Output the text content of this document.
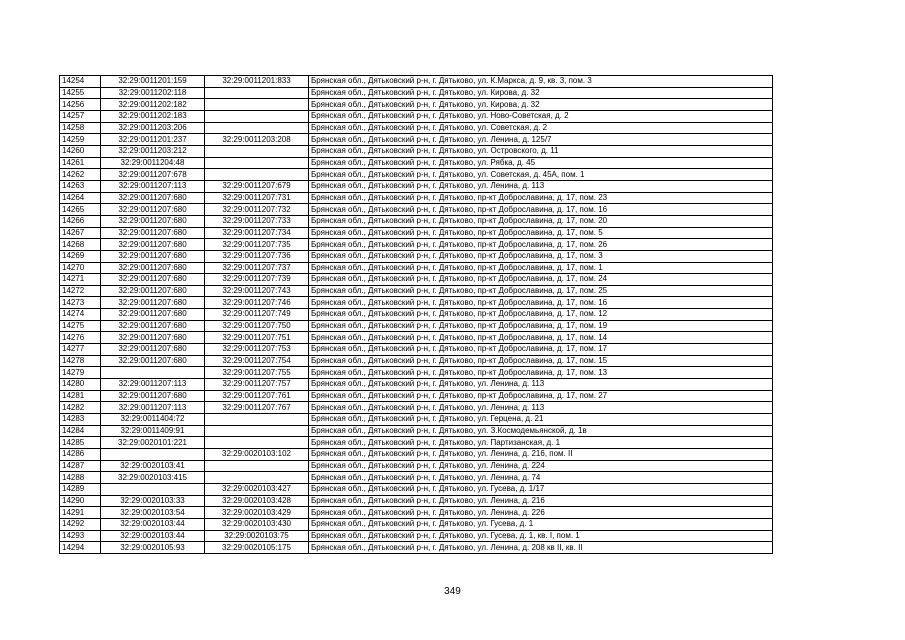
14254	32:29:0011201:159	32:29:0011201:833	Брянская обл., Дятьковский р-н, г. Дятьково, ул. К.Маркса, д. 9, кв. 3, пом. 3
14255	32:29:0011202:118		Брянская обл., Дятьковский р-н, г. Дятьково, ул. Кирова, д. 32
14256	32:29:0011202:182		Брянская обл., Дятьковский р-н, г. Дятьково, ул. Кирова, д. 32
14257	32:29:0011202:183		Брянская обл., Дятьковский р-н, г. Дятьково, ул. Ново-Советская, д. 2
14258	32:29:0011203:206		Брянская обл., Дятьковский р-н, г. Дятьково, ул. Советская, д. 2
14259	32:29:0011201:237	32:29:0011203:208	Брянская обл., Дятьковский р-н, г. Дятьково, ул. Ленина, д. 125/7
14260	32:29:0011203:212		Брянская обл., Дятьковский р-н, г. Дятьково, ул. Островского, д. 11
14261	32:29:0011204:48		Брянская обл., Дятьковский р-н, г. Дятьково, ул. Рябка, д. 45
14262	32:29:0011207:678		Брянская обл., Дятьковский р-н, г. Дятьково, ул. Советская, д. 45А, пом. 1
14263	32:29:0011207:113	32:29:0011207:679	Брянская обл., Дятьковский р-н, г. Дятьково, ул. Ленина, д. 113
14264	32:29:0011207:680	32:29:0011207:731	Брянская обл., Дятьковский р-н, г. Дятьково, пр-кт Доброславина, д. 17, пом. 23
14265	32:29:0011207:680	32:29:0011207:732	Брянская обл., Дятьковский р-н, г. Дятьково, пр-кт Доброславина, д. 17, пом. 16
14266	32:29:0011207:680	32:29:0011207:733	Брянская обл., Дятьковский р-н, г. Дятьково, пр-кт Доброславина, д. 17, пом. 20
14267	32:29:0011207:680	32:29:0011207:734	Брянская обл., Дятьковский р-н, г. Дятьково, пр-кт Доброславина, д. 17, пом. 5
14268	32:29:0011207:680	32:29:0011207:735	Брянская обл., Дятьковский р-н, г. Дятьково, пр-кт Доброславина, д. 17, пом. 26
14269	32:29:0011207:680	32:29:0011207:736	Брянская обл., Дятьковский р-н, г. Дятьково, пр-кт Доброславина, д. 17, пом. 3
14270	32:29:0011207:680	32:29:0011207:737	Брянская обл., Дятьковский р-н, г. Дятьково, пр-кт Доброславина, д. 17, пом. 1
14271	32:29:0011207:680	32:29:0011207:739	Брянская обл., Дятьковский р-н, г. Дятьково, пр-кт Доброславина, д. 17, пом. 24
14272	32:29:0011207:680	32:29:0011207:743	Брянская обл., Дятьковский р-н, г. Дятьково, пр-кт Доброславина, д. 17, пом. 25
14273	32:29:0011207:680	32:29:0011207:746	Брянская обл., Дятьковский р-н, г. Дятьково, пр-кт Доброславина, д. 17, пом. 16
14274	32:29:0011207:680	32:29:0011207:749	Брянская обл., Дятьковский р-н, г. Дятьково, пр-кт Доброславина, д. 17, пом. 12
14275	32:29:0011207:680	32:29:0011207:750	Брянская обл., Дятьковский р-н, г. Дятьково, пр-кт Доброславина, д. 17, пом. 19
14276	32:29:0011207:680	32:29:0011207:751	Брянская обл., Дятьковский р-н, г. Дятьково, пр-кт Доброславина, д. 17, пом. 14
14277	32:29:0011207:680	32:29:0011207:753	Брянская обл., Дятьковский р-н, г. Дятьково, пр-кт Доброславина, д. 17, пом. 17
14278	32:29:0011207:680	32:29:0011207:754	Брянская обл., Дятьковский р-н, г. Дятьково, пр-кт Доброславина, д. 17, пом. 15
14279		32:29:0011207:755	Брянская обл., Дятьковский р-н, г. Дятьково, пр-кт Доброславина, д. 17, пом. 13
14280	32:29:0011207:113	32:29:0011207:757	Брянская обл., Дятьковский р-н, г. Дятьково, ул. Ленина, д. 113
14281	32:29:0011207:680	32:29:0011207:761	Брянская обл., Дятьковский р-н, г. Дятьково, пр-кт Доброславина, д. 17, пом. 27
14282	32:29:0011207:113	32:29:0011207:767	Брянская обл., Дятьковский р-н, г. Дятьково, ул. Ленина, д. 113
14283	32:29:0011404:72		Брянская обл., Дятьковский р-н, г. Дятьково, ул. Герцена, д. 21
14284	32:29:0011409:91		Брянская обл., Дятьковский р-н, г. Дятьково, ул. З.Космодемьянской, д. 1в
14285	32:29:0020101:221		Брянская обл., Дятьковский р-н, г. Дятьково, ул. Партизанская, д. 1
14286		32:29:0020103:102	Брянская обл., Дятьковский р-н, г. Дятьково, ул. Ленина, д. 216, пом. II
14287	32:29:0020103:41		Брянская обл., Дятьковский р-н, г. Дятьково, ул. Ленина, д. 224
14288	32:29:0020103:415		Брянская обл., Дятьковский р-н, г. Дятьково, ул. Ленина, д. 74
14289		32:29:0020103:427	Брянская обл., Дятьковский р-н, г. Дятьково, ул. Гусева, д. 1/17
14290	32:29:0020103:33	32:29:0020103:428	Брянская обл., Дятьковский р-н, г. Дятьково, ул. Ленина, д. 216
14291	32:29:0020103:54	32:29:0020103:429	Брянская обл., Дятьковский р-н, г. Дятьково, ул. Ленина, д. 226
14292	32:29:0020103:44	32:29:0020103:430	Брянская обл., Дятьковский р-н, г. Дятьково, ул. Гусева, д. 1
14293	32:29:0020103:44	32:29:0020103:75	Брянская обл., Дятьковский р-н, г. Дятьково, ул. Гусева, д. 1, кв. I, пом. 1
14294	32:29:0020105:93	32:29:0020105:175	Брянская обл., Дятьковский р-н, г. Дятьково, ул. Ленина, д. 208 кв II, кв. II
349
